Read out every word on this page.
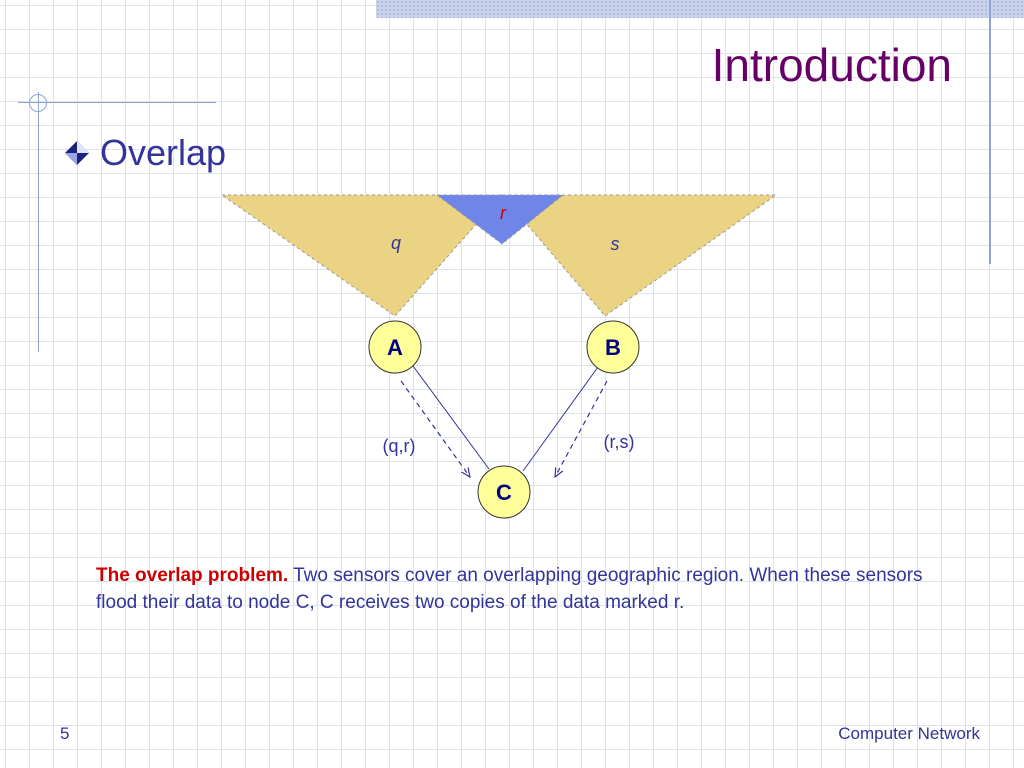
Introduction
Overlap
r
q	s
(q,r)	(r,s)
A	B
C
The overlap problem. Two sensors cover an overlapping geographic region. When these sensors flood their data to node C, C receives two copies of the data marked r.
5	Computer Network
